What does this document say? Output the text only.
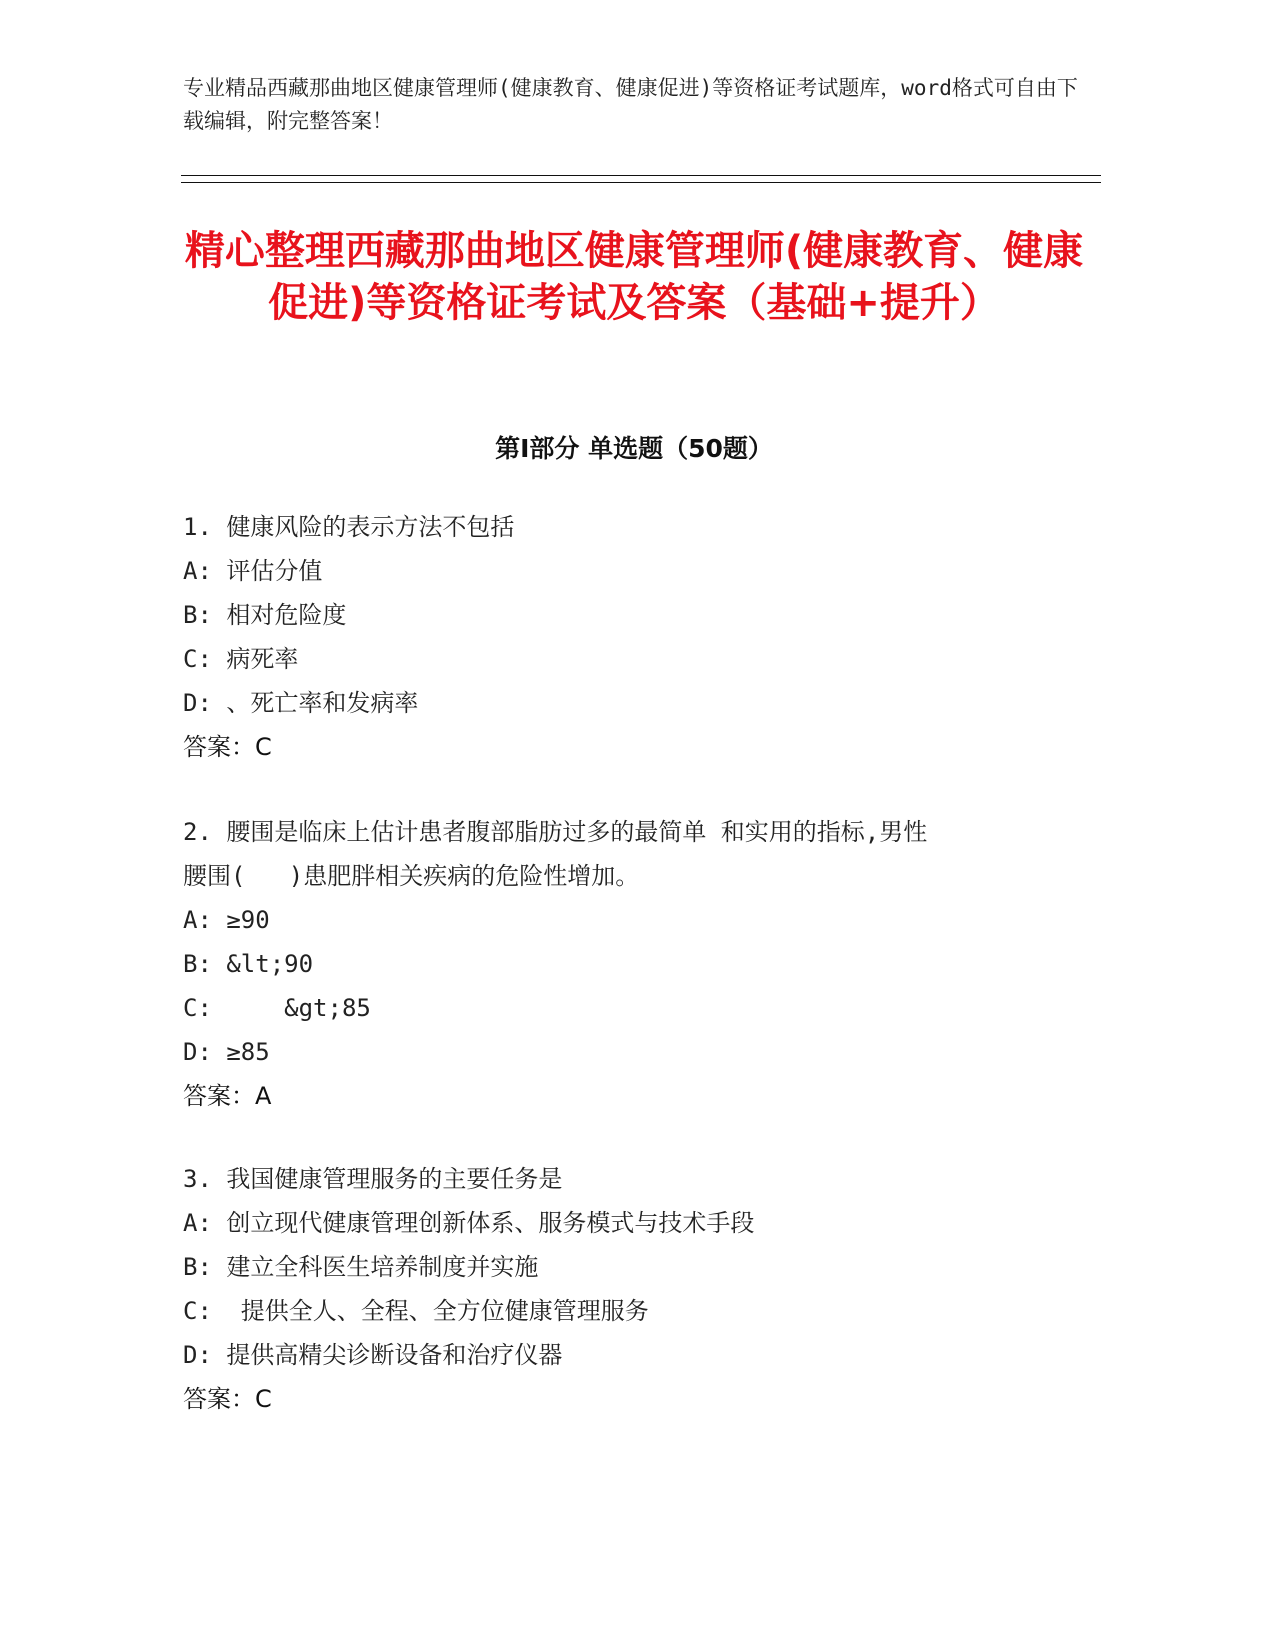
专业精品西藏那曲地区健康管理师(健康教育、健康促进)等资格证考试题库，word格式可自由下载编辑，附完整答案！
精心整理西藏那曲地区健康管理师(健康教育、健康促进)等资格证考试及答案（基础+提升）
第Ⅰ部分 单选题（50题）
1. 健康风险的表示方法不包括
A: 评估分值
B: 相对危险度
C: 病死率
D: 、死亡率和发病率
答案：C
2. 腰围是临床上估计患者腹部脂肪过多的最简单 和实用的指标,男性
腰围(   )患肥胖相关疾病的危险性增加。
A: ≥90
B: &lt;90
C:     &gt;85
D: ≥85
答案：A
3. 我国健康管理服务的主要任务是
A: 创立现代健康管理创新体系、服务模式与技术手段
B: 建立全科医生培养制度并实施
C:  提供全人、全程、全方位健康管理服务
D: 提供高精尖诊断设备和治疗仪器
答案：C
